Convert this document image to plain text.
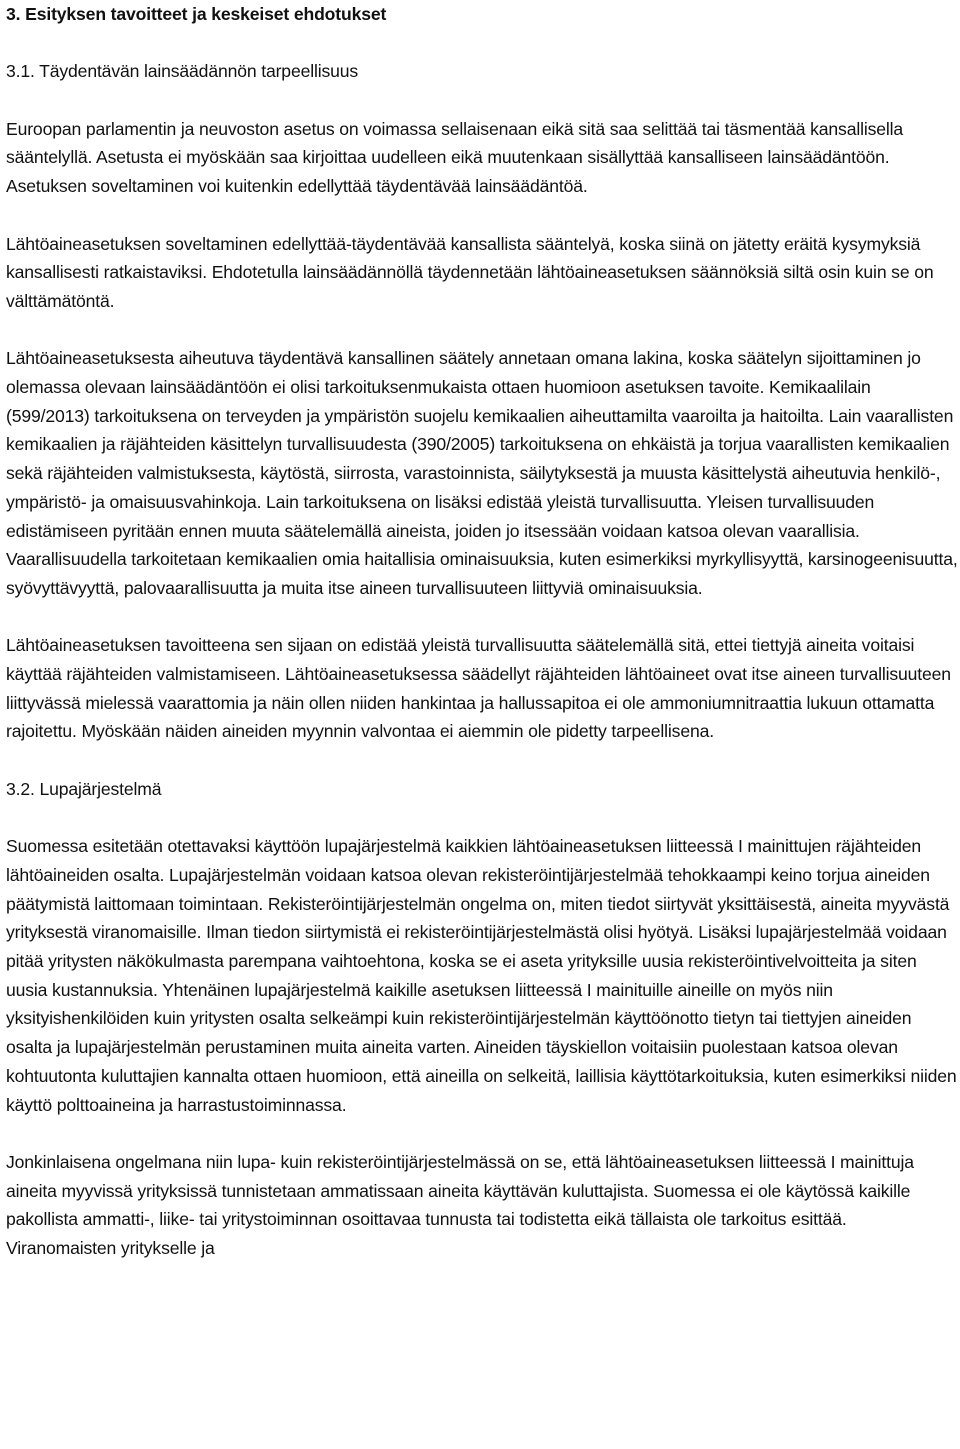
3. Esityksen tavoitteet ja keskeiset ehdotukset

3.1. Täydentävän lainsäädännön tarpeellisuus

Euroopan parlamentin ja neuvoston asetus on voimassa sellaisenaan eikä sitä saa selittää tai täsmentää kansallisella sääntelyllä. Asetusta ei myöskään saa kirjoittaa uudelleen eikä muutenkaan sisällyttää kansalliseen lainsäädäntöön. Asetuksen soveltaminen voi kuitenkin edellyttää täydentävää lainsäädäntöä.

Lähtöaineasetuksen soveltaminen edellyttää-täydentävää kansallista sääntelyä, koska siinä on jätetty eräitä kysymyksiä kansallisesti ratkaistaviksi. Ehdotetulla lainsäädännöllä täydennetään lähtöaineasetuksen säännöksiä siltä osin kuin se on välttämätöntä.

Lähtöaineasetuksesta aiheutuva täydentävä kansallinen säätely annetaan omana lakina, koska säätelyn sijoittaminen jo olemassa olevaan lainsäädäntöön ei olisi tarkoituksenmukaista ottaen huomioon asetuksen tavoite. Kemikaalilain (599/2013) tarkoituksena on terveyden ja ympäristön suojelu kemikaalien aiheuttamilta vaaroilta ja haitoilta. Lain vaarallisten kemikaalien ja räjähteiden käsittelyn turvallisuudesta (390/2005) tarkoituksena on ehkäistä ja torjua vaarallisten kemikaalien sekä räjähteiden valmistuksesta, käytöstä, siirrosta, varastoinnista, säilytyksestä ja muusta käsittelystä aiheutuvia henkilö-, ympäristö- ja omaisuusvahinkoja. Lain tarkoituksena on lisäksi edistää yleistä turvallisuutta. Yleisen turvallisuuden edistämiseen pyritään ennen muuta säätelemällä aineista, joiden jo itsessään voidaan katsoa olevan vaarallisia. Vaarallisuudella tarkoitetaan kemikaalien omia haitallisia ominaisuuksia, kuten esimerkiksi myrkyllisyyttä, karsinogeenisuutta, syövyttävyyttä, palovaarallisuutta ja muita itse aineen turvallisuuteen liittyviä ominaisuuksia.

Lähtöaineasetuksen tavoitteena sen sijaan on edistää yleistä turvallisuutta säätelemällä sitä, ettei tiettyjä aineita voitaisi käyttää räjähteiden valmistamiseen. Lähtöaineasetuksessa säädellyt räjähteiden lähtöaineet ovat itse aineen turvallisuuteen liittyvässä mielessä vaarattomia ja näin ollen niiden hankintaa ja hallussapitoa ei ole ammoniumnitraattia lukuun ottamatta rajoitettu. Myöskään näiden aineiden myynnin valvontaa ei aiemmin ole pidetty tarpeellisena.

3.2. Lupajärjestelmä

Suomessa esitetään otettavaksi käyttöön lupajärjestelmä kaikkien lähtöaineasetuksen liitteessä I mainittujen räjähteiden lähtöaineiden osalta. Lupajärjestelmän voidaan katsoa olevan rekisteröintijärjestelmää tehokkaampi keino torjua aineiden päätymistä laittomaan toimintaan. Rekisteröintijärjestelmän ongelma on, miten tiedot siirtyvät yksittäisestä, aineita myyvästä yrityksestä viranomaisille. Ilman tiedon siirtymistä ei rekisteröintijärjestelmästä olisi hyötyä. Lisäksi lupajärjestelmää voidaan pitää yritysten näkökulmasta parempana vaihtoehtona, koska se ei aseta yrityksille uusia rekisteröintivelvoitteita ja siten uusia kustannuksia. Yhtenäinen lupajärjestelmä kaikille asetuksen liitteessä I mainituille aineille on myös niin yksityishenkilöiden kuin yritysten osalta selkeämpi kuin rekisteröintijärjestelmän käyttöönotto tietyn tai tiettyjen aineiden osalta ja lupajärjestelmän perustaminen muita aineita varten. Aineiden täyskiellon voitaisiin puolestaan katsoa olevan kohtuutonta kuluttajien kannalta ottaen huomioon, että aineilla on selkeitä, laillisia käyttötarkoituksia, kuten esimerkiksi niiden käyttö polttoaineina ja harrastustoiminnassa.

Jonkinlaisena ongelmana niin lupa- kuin rekisteröintijärjestelmässä on se, että lähtöaineasetuksen liitteessä I mainittuja aineita myyvissä yrityksissä tunnistetaan ammatissaan aineita käyttävän kuluttajista. Suomessa ei ole käytössä kaikille pakollista ammatti-, liike- tai yritystoiminnan osoittavaa tunnusta tai todistetta eikä tällaista ole tarkoitus esittää. Viranomaisten yritykselle ja
